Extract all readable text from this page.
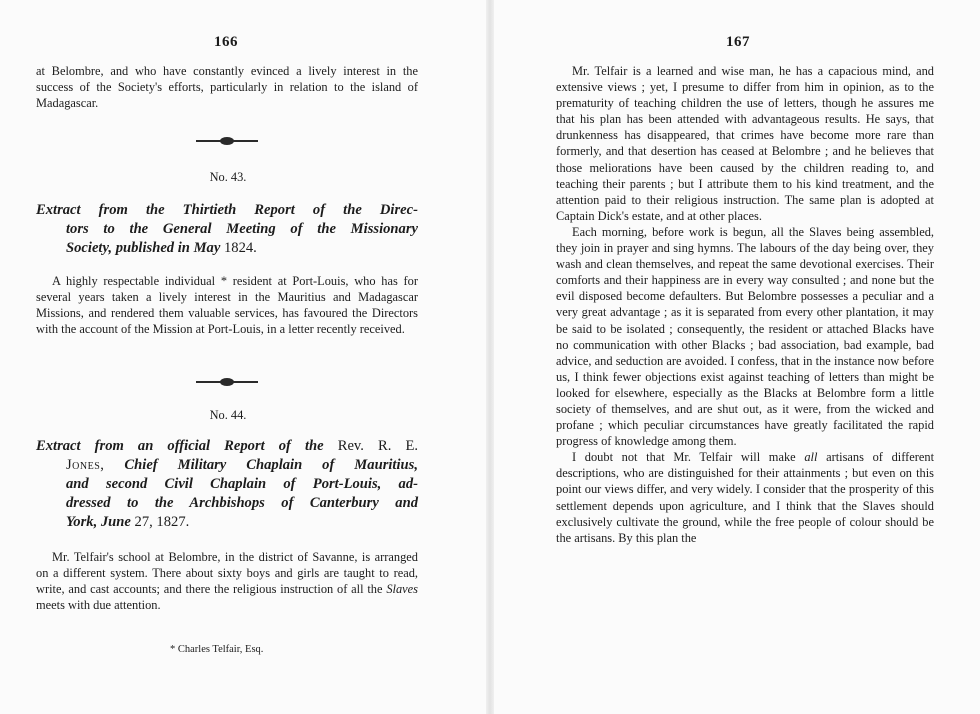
166

at Belombre, and who have constantly evinced a lively interest in the success of the Society's efforts, particularly in relation to the island of Madagascar.

No. 43.
Extract from the Thirtieth Report of the Direc-
tors to the General Meeting of the Missionary
Society, published in May 1824.

A highly respectable individual * resident at Port-Louis, who has for several years taken a lively interest in the Mauritius and Madagascar Missions, and rendered them valuable services, has favoured the Directors with the account of the Mission at Port-Louis, in a letter recently received.

No. 44.
Extract from an official Report of the Rev. R. E.
Jones, Chief Military Chaplain of Mauritius,
and second Civil Chaplain of Port-Louis, ad-
dressed to the Archbishops of Canterbury and
York, June 27, 1827.

Mr. Telfair's school at Belombre, in the district of Savanne, is arranged on a different system. There about sixty boys and girls are taught to read, write, and cast accounts; and there the religious instruction of all the Slaves meets with due attention.

* Charles Telfair, Esq.
167

Mr. Telfair is a learned and wise man, he has a capacious mind, and extensive views ; yet, I presume to differ from him in opinion, as to the prematurity of teaching children the use of letters, though he assures me that his plan has been attended with advantageous results. He says, that drunkenness has disappeared, that crimes have become more rare than formerly, and that desertion has ceased at Belombre ; and he believes that those meliorations have been caused by the children reading to, and teaching their parents ; but I attribute them to his kind treatment, and the attention paid to their religious instruction. The same plan is adopted at Captain Dick's estate, and at other places.

Each morning, before work is begun, all the Slaves being assembled, they join in prayer and sing hymns. The labours of the day being over, they wash and clean themselves, and repeat the same devotional exercises. Their comforts and their happiness are in every way consulted ; and none but the evil disposed become defaulters. But Belombre possesses a peculiar and a very great advantage ; as it is separated from every other plantation, it may be said to be isolated ; consequently, the resident or attached Blacks have no communication with other Blacks ; bad association, bad example, bad advice, and seduction are avoided. I confess, that in the instance now before us, I think fewer objections exist against teaching of letters than might be looked for elsewhere, especially as the Blacks at Belombre form a little society of themselves, and are shut out, as it were, from the wicked and profane ; which peculiar circumstances have greatly facilitated the rapid progress of knowledge among them.

I doubt not that Mr. Telfair will make all artisans of different descriptions, who are distinguished for their attainments ; but even on this point our views differ, and very widely. I consider that the prosperity of this settlement depends upon agriculture, and I think that the Slaves should exclusively cultivate the ground, while the free people of colour should be the artisans. By this plan the
